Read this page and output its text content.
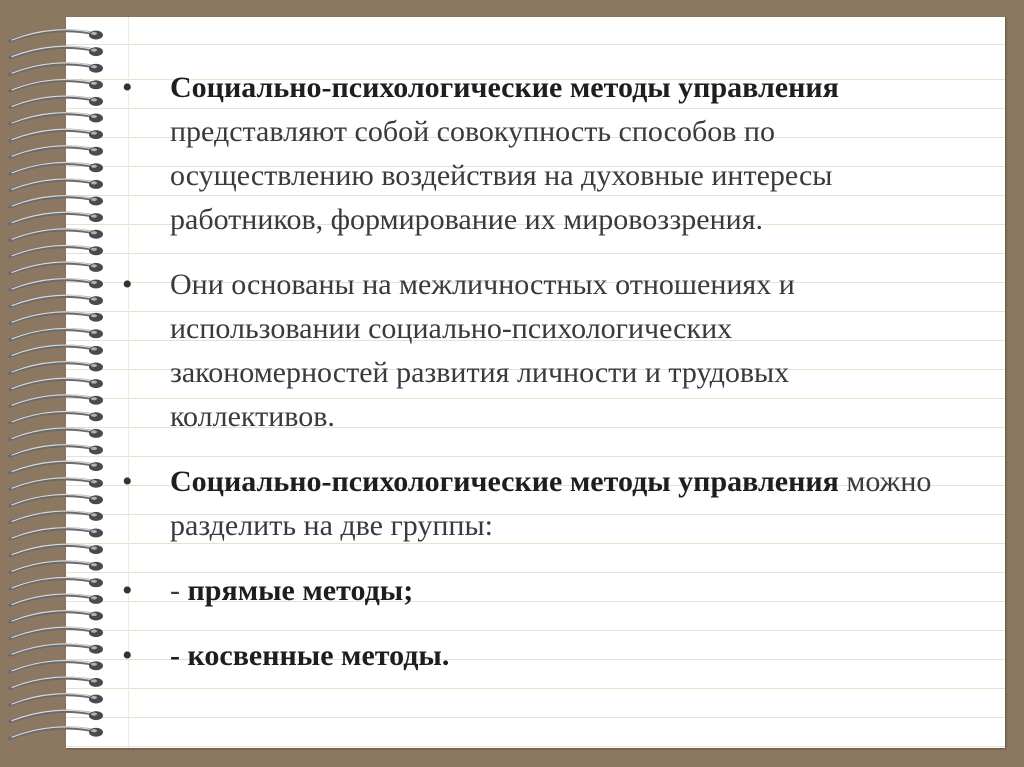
•	Социально-психологические методы управления представляют собой совокупность способов по осуществлению воздействия на духовные интересы работников, формирование их мировоззрения.
•	Они основаны на межличностных отношениях и использовании социально-психологических закономерностей развития личности и трудовых коллективов.
•	Социально-психологические методы управления можно разделить на две группы:
•	- прямые методы;
•	- косвенные методы.
